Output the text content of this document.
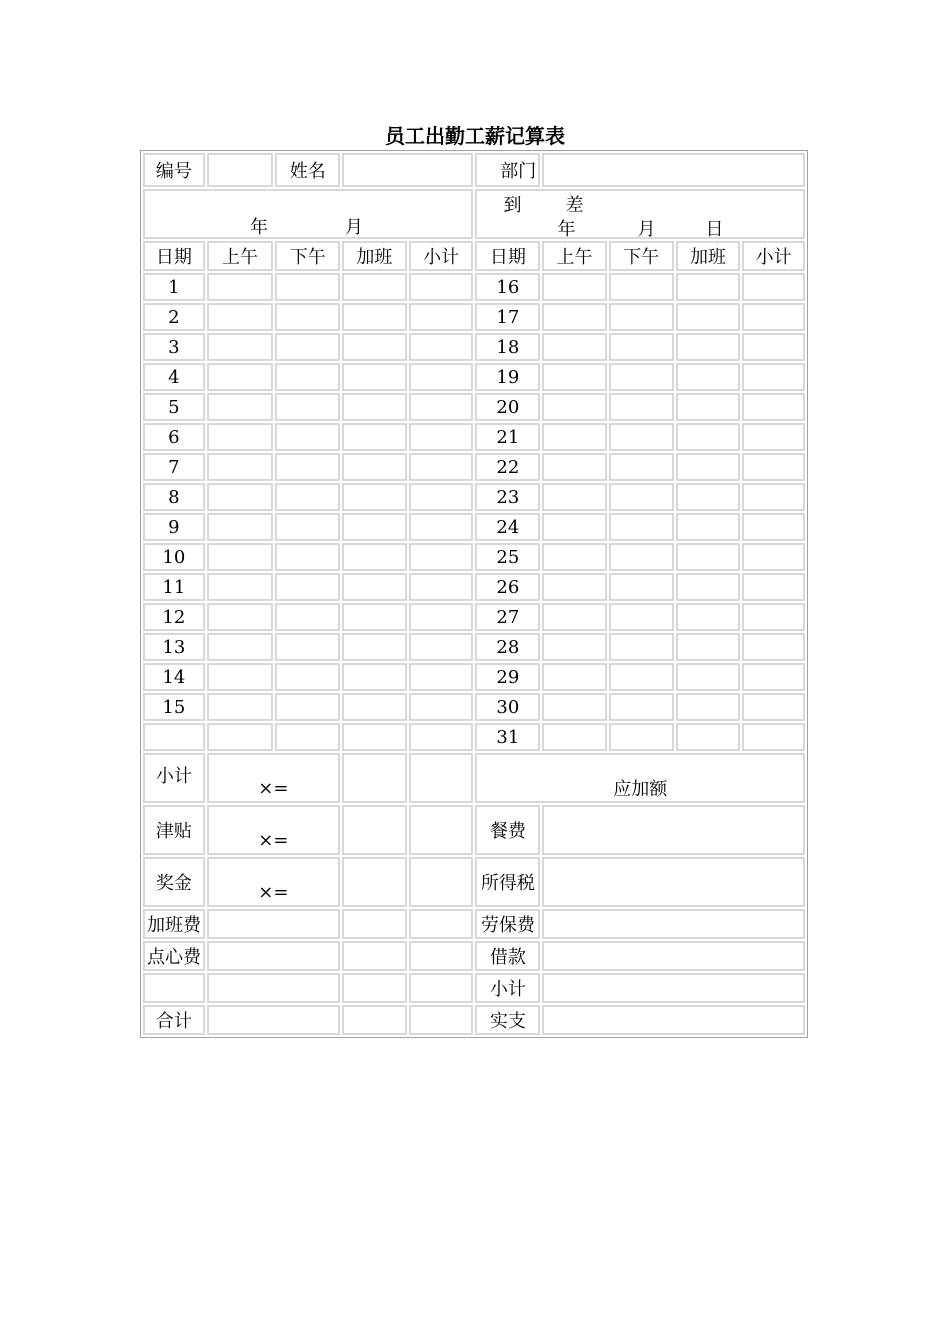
员工出勤工薪记算表
编号		姓名			部门				

年 月					到 差
年 月 日				

日期	上午	下午	加班	小计	日期	上午	下午	加班	小计
1					16				
2					17				
3					18				
4					19				
5					20				
6					21				
7					22				
8					23				
9					24				
10					25				
11					26				
12					27				
13					28				
14					29				
15					30				
					31				
小计	×=				应加额				
津贴	×=				餐费				
奖金	×=				所得税				
加班费					劳保费				
点心费					借款				
					小计				
合计					实支				
